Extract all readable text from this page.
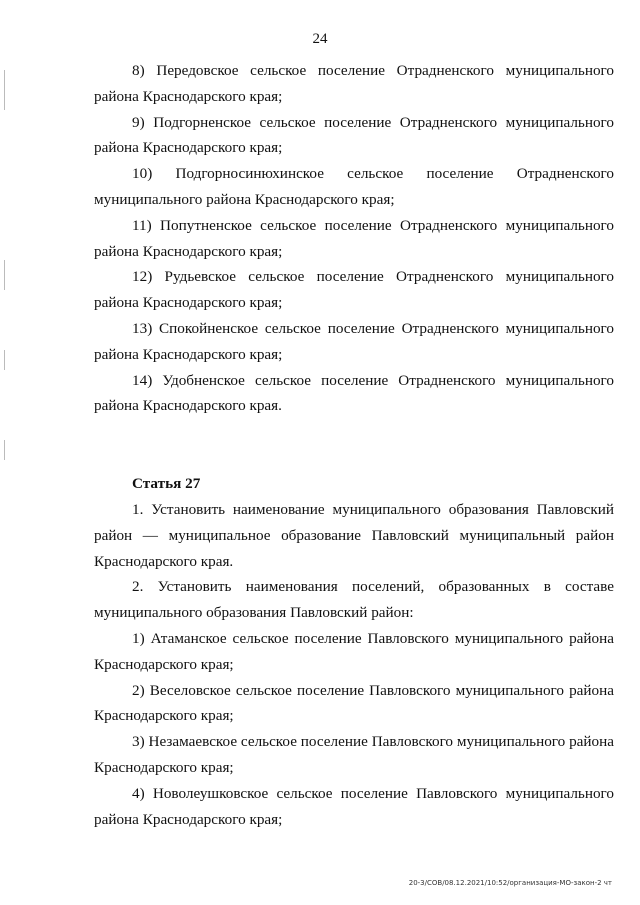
24

8) Передовское сельское поселение Отрадненского муниципального района Краснодарского края;

9) Подгорненское сельское поселение Отрадненского муниципального района Краснодарского края;

10) Подгорносинюхинское сельское поселение Отрадненского муниципального района Краснодарского края;

11) Попутненское сельское поселение Отрадненского муниципального района Краснодарского края;

12) Рудьевское сельское поселение Отрадненского муниципального района Краснодарского края;

13) Спокойненское сельское поселение Отрадненского муниципального района Краснодарского края;

14) Удобненское сельское поселение Отрадненского муниципального района Краснодарского края.

Статья 27

1. Установить наименование муниципального образования Павловский район — муниципальное образование Павловский муниципальный район Краснодарского края.

2. Установить наименования поселений, образованных в составе муниципального образования Павловский район:

1) Атаманское сельское поселение Павловского муниципального района Краснодарского края;

2) Веселовское сельское поселение Павловского муниципального района Краснодарского края;

3) Незамаевское сельское поселение Павловского муниципального района Краснодарского края;

4) Новолеушковское сельское поселение Павловского муниципального района Краснодарского края;

20-3/СОВ/08.12.2021/10:52/организация-МО-закон-2 чт
